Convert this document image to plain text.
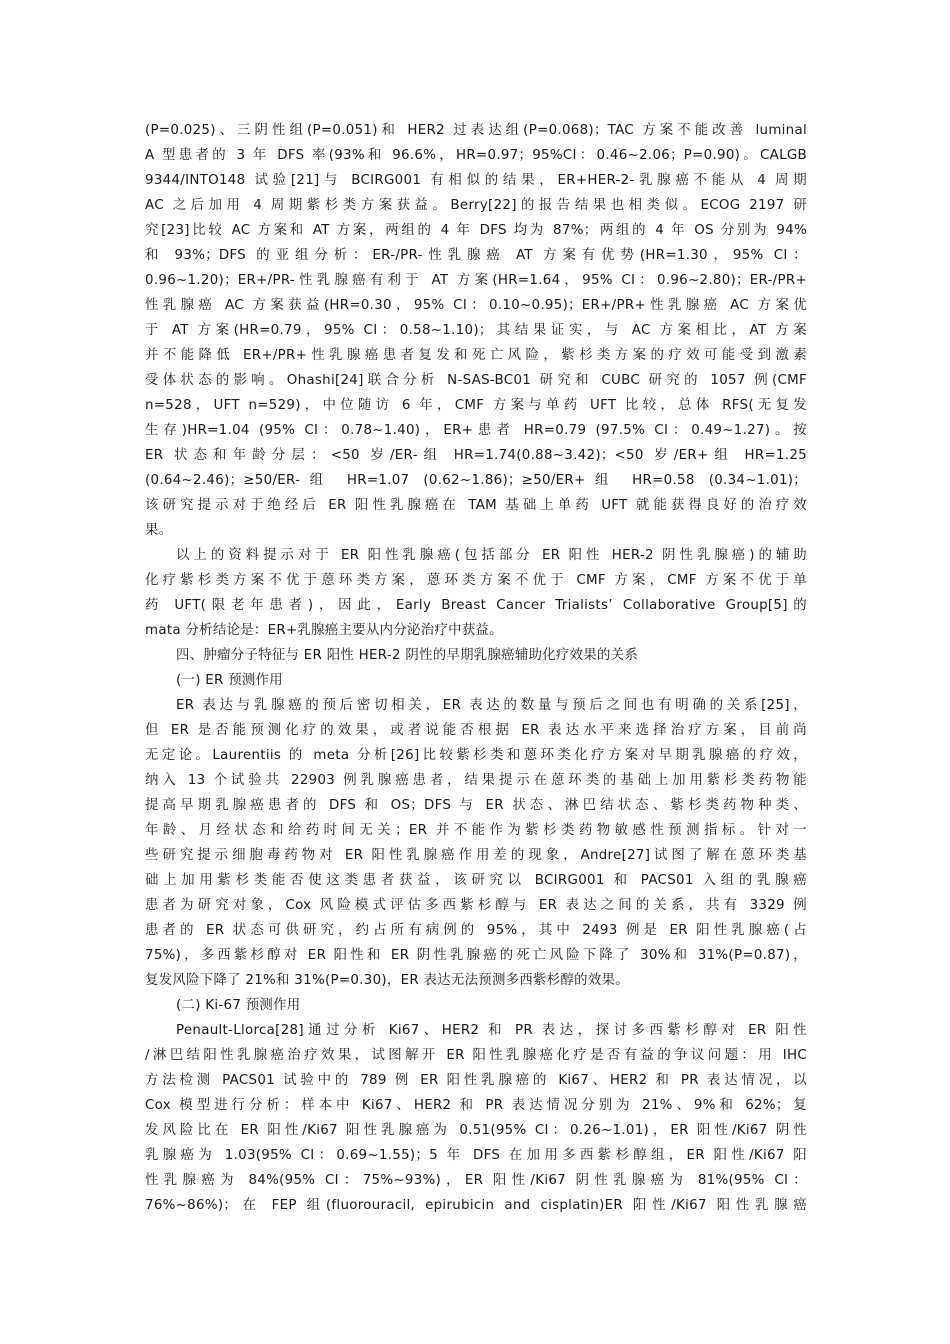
(P=0.025)、三阴性组(P=0.051)和 HER2 过表达组(P=0.068)；TAC 方案不能改善 luminal
A 型患者的 3 年 DFS 率(93%和 96.6%，HR=0.97；95%CI：0.46~2.06；P=0.90)。CALGB
9344/INTO148 试验[21]与 BCIRG001 有相似的结果，ER+HER-2-乳腺癌不能从 4 周期
AC 之后加用 4 周期紫杉类方案获益。Berry[22]的报告结果也相类似。ECOG 2197 研
究[23]比较 AC 方案和 AT 方案，两组的 4 年 DFS 均为 87%；两组的 4 年 OS 分别为 94%
和 93%；DFS 的亚组分析：ER-/PR-性乳腺癌 AT 方案有优势(HR=1.30，95% CI：
0.96~1.20)；ER+/PR-性乳腺癌有利于 AT 方案(HR=1.64，95% CI：0.96~2.80)；ER-/PR+
性乳腺癌 AC 方案获益(HR=0.30，95% CI：0.10~0.95)；ER+/PR+性乳腺癌 AC 方案优
于 AT 方案(HR=0.79，95% CI：0.58~1.10)；其结果证实，与 AC 方案相比，AT 方案
并不能降低 ER+/PR+性乳腺癌患者复发和死亡风险，紫杉类方案的疗效可能受到激素
受体状态的影响。Ohashi[24]联合分析 N-SAS-BC01 研究和 CUBC 研究的 1057 例(CMF
n=528，UFT n=529)，中位随访 6 年，CMF 方案与单药 UFT 比较，总体 RFS(无复发
生存)HR=1.04 (95% CI：0.78~1.40)，ER+患者 HR=0.79 (97.5% CI：0.49~1.27)。按
ER 状态和年龄分层：<50 岁/ER-组 HR=1.74(0.88~3.42)；<50 岁/ER+组 HR=1.25
(0.64~2.46)；≥50/ER-组 HR=1.07 (0.62~1.86)；≥50/ER+组 HR=0.58 (0.34~1.01)；
该研究提示对于绝经后 ER 阳性乳腺癌在 TAM 基础上单药 UFT 就能获得良好的治疗效
果。
以上的资料提示对于 ER 阳性乳腺癌(包括部分 ER 阳性 HER-2 阴性乳腺癌)的辅助
化疗紫杉类方案不优于蒽环类方案，蒽环类方案不优于 CMF 方案，CMF 方案不优于单
药 UFT(限老年患者)，因此，Early Breast Cancer Trialists’ Collaborative Group[5]的
mata 分析结论是：ER+乳腺癌主要从内分泌治疗中获益。
四、肿瘤分子特征与 ER 阳性 HER-2 阴性的早期乳腺癌辅助化疗效果的关系
(一) ER 预测作用
ER 表达与乳腺癌的预后密切相关，ER 表达的数量与预后之间也有明确的关系[25]，
但 ER 是否能预测化疗的效果，或者说能否根据 ER 表达水平来选择治疗方案，目前尚
无定论。Laurentiis 的 meta 分析[26]比较紫杉类和蒽环类化疗方案对早期乳腺癌的疗效，
纳入 13 个试验共 22903 例乳腺癌患者，结果提示在蒽环类的基础上加用紫杉类药物能
提高早期乳腺癌患者的 DFS 和 OS；DFS 与 ER 状态、淋巴结状态、紫杉类药物种类、
年龄、月经状态和给药时间无关；ER 并不能作为紫杉类药物敏感性预测指标。针对一
些研究提示细胞毒药物对 ER 阳性乳腺癌作用差的现象，Andre[27]试图了解在蒽环类基
础上加用紫杉类能否使这类患者获益，该研究以 BCIRG001 和 PACS01 入组的乳腺癌
患者为研究对象，Cox 风险模式评估多西紫杉醇与 ER 表达之间的关系，共有 3329 例
患者的 ER 状态可供研究，约占所有病例的 95%，其中 2493 例是 ER 阳性乳腺癌(占
75%)，多西紫杉醇对 ER 阳性和 ER 阴性乳腺癌的死亡风险下降了 30%和 31%(P=0.87)，
复发风险下降了 21%和 31%(P=0.30)，ER 表达无法预测多西紫杉醇的效果。
(二) Ki-67 预测作用
Penault-Llorca[28]通过分析 Ki67、HER2 和 PR 表达，探讨多西紫杉醇对 ER 阳性
/淋巴结阳性乳腺癌治疗效果，试图解开 ER 阳性乳腺癌化疗是否有益的争议问题：用 IHC
方法检测 PACS01 试验中的 789 例 ER 阳性乳腺癌的 Ki67、HER2 和 PR 表达情况，以
Cox 模型进行分析：样本中 Ki67、HER2 和 PR 表达情况分别为 21%、9%和 62%；复
发风险比在 ER 阳性/Ki67 阳性乳腺癌为 0.51(95% CI：0.26~1.01)，ER 阳性/Ki67 阴性
乳腺癌为 1.03(95% CI：0.69~1.55)；5 年 DFS 在加用多西紫杉醇组，ER 阳性/Ki67 阳
性乳腺癌为 84%(95% CI：75%~93%)，ER 阳性/Ki67 阴性乳腺癌为 81%(95% CI：
76%~86%)；在 FEP 组(fluorouracil, epirubicin and cisplatin)ER 阳性/Ki67 阳性乳腺癌
